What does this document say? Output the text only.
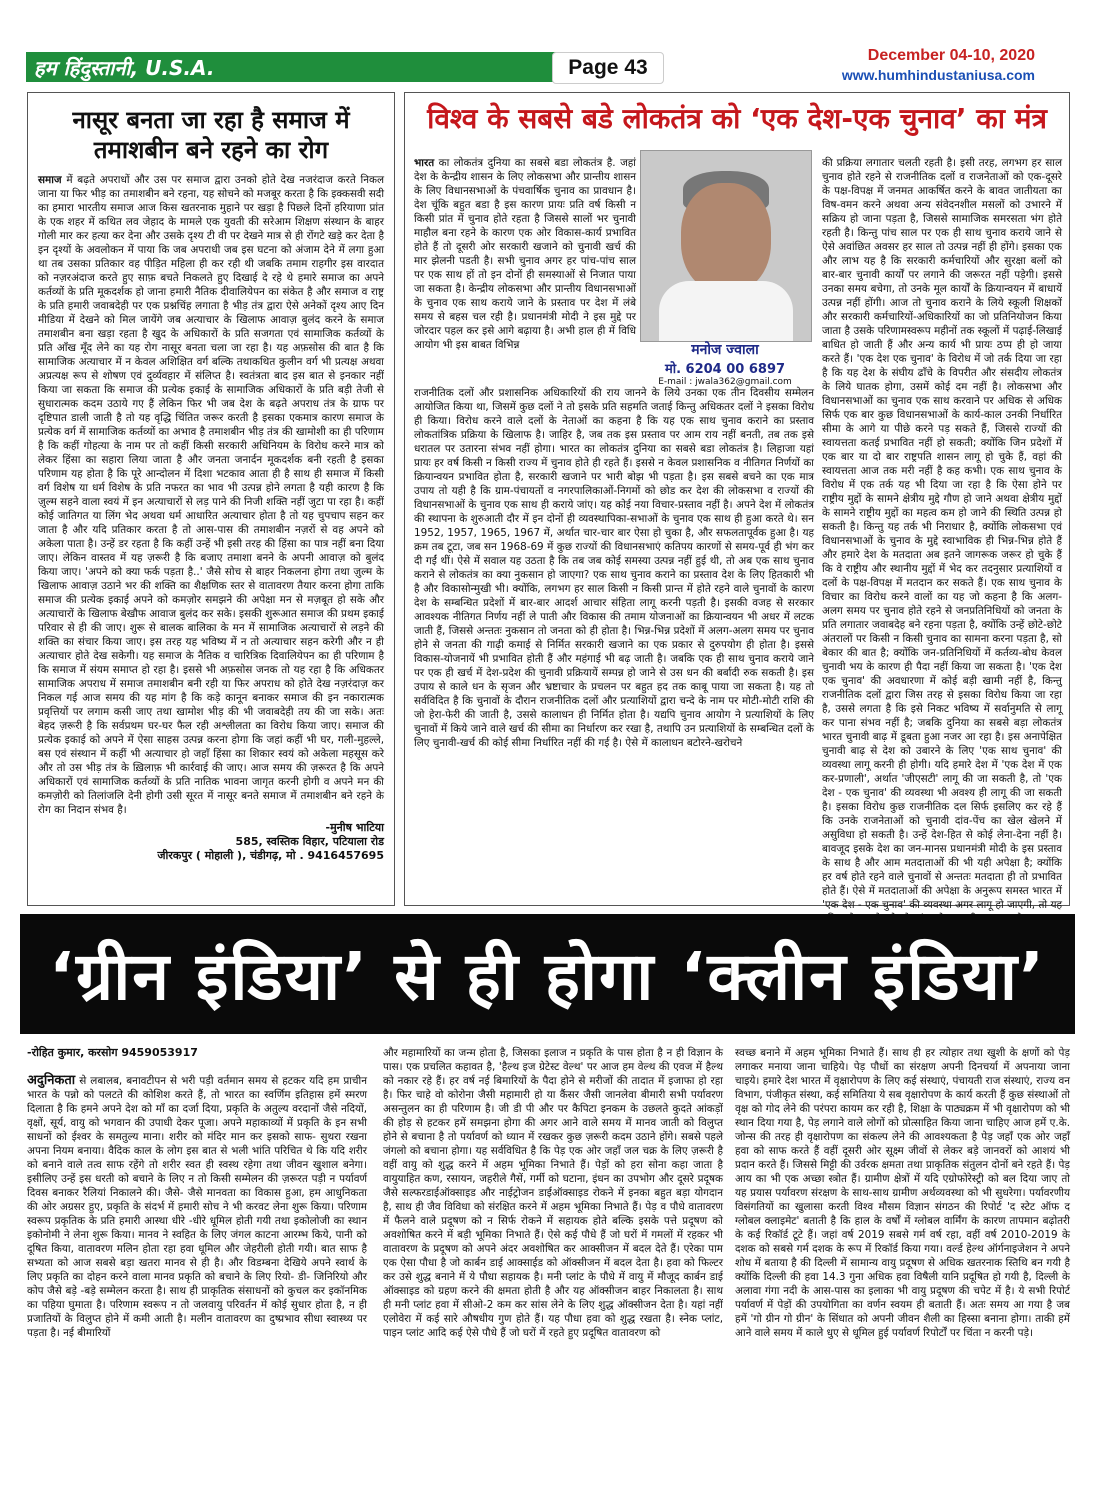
हम हिंदुस्तानी, U.S.A.	Page 43
December 04-10, 2020
www.humhindustaniusa.com
नासूर बनता जा रहा है समाज में तमाशबीन बने रहने का रोग

समाज में बढ़ते अपराधों और उस पर समाज द्वारा उनको होते देख नजरंदाज करते निकल जाना या फिर भीड़ का तमाशबीन बने रहना, यह सोचने को मजबूर करता है कि इक्कसवी सदी का हमारा भारतीय समाज आज किस खतरनाक मुहाने पर खड़ा है पिछले दिनों हरियाणा प्रांत के एक शहर में कथित लव जेहाद के मामले एक युवती की सरेआम शिक्षण संस्थान के बाहर गोली मार कर हत्या कर देना और उसके दृश्य टी वी पर देखने मात्र से ही रोंगटे खड़े कर देता है इन दृश्यों के अवलोकन में पाया कि जब अपराधी जब इस घटना को अंजाम देने में लगा हुआ था तब उसका प्रतिकार वह पीड़ित महिला ही कर रही थी जबकि तमाम राहगीर इस वारदात को नज़रअंदाज करते हुए साफ़ बचते निकलते हुए दिखाई दे रहे थे हमारे समाज का अपने कर्तव्यों के प्रति मूकदर्शक हो जाना हमारी नैतिक दीवालियेपन का संकेत है और समाज व राष्ट्र के प्रति हमारी जवाबदेही पर एक प्रश्नचिंह लगाता है भीड़ तंत्र द्वारा ऐसे अनेकों दृश्य आए दिन मीडिया में देखने को मिल जायेंगे जब अत्याचार के खिलाफ आवाज़ बुलंद करने के समाज तमाशबीन बना खड़ा रहता है खुद के अधिकारों के प्रति सजगता एवं सामाजिक कर्तव्यों के प्रति आँख मूँद लेने का यह रोग नासूर बनता चला जा रहा है। यह अफ़सोस की बात है कि सामाजिक अत्याचार में न केवल अशिक्षित वर्ग बल्कि तथाकथित कुलीन वर्ग भी प्रत्यक्ष अथवा अप्रत्यक्ष रूप से शोषण एवं दुर्व्यवहार में संलिप्त है। स्वतंत्रता बाद इस बात से इनकार नहीं किया जा सकता कि समाज की प्रत्येक इकाई के सामाजिक अधिकारों के प्रति बड़ी तेजी से सुधारात्मक कदम उठाये गए हैं लेकिन फिर भी जब देश के बढ़ते अपराध तंत्र के ग्राफ पर दृष्टिपात डाली जाती है तो यह वृद्धि चिंतित जरूर करती है इसका एकमात्र कारण समाज के प्रत्येक वर्ग में सामाजिक कर्तव्यों का अभाव है तमाशबीन भीड़ तंत्र की खामोशी का ही परिणाम है कि कहीं गोहत्या के नाम पर तो कहीं किसी सरकारी अधिनियम के विरोध करने मात्र को लेकर हिंसा का सहारा लिया जाता है और जनता जनार्दन मूकदर्शक बनी रहती है इसका परिणाम यह होता है कि पूरे आन्दोलन में दिशा भटकाव आता ही है साथ ही समाज में किसी वर्ग विशेष या धर्म विशेष के प्रति नफरत का भाव भी उत्पन्न होने लगता है यही कारण है कि ज़ुल्म सहने वाला स्वयं में इन अत्याचारों से लड़ पाने की निजी शक्ति नहीं जुटा पा रहा है। कहीं कोई जातिगत या लिंग भेद अथवा धर्म आधारित अत्याचार होता है तो यह चुपचाप सहन कर जाता है और यदि प्रतिकार करता है तो आस-पास की तमाशबीन नज़रों से वह अपने को अकेला पाता है। उन्हें डर रहता है कि कहीं उन्हें भी इसी तरह की हिंसा का पात्र नहीं बना दिया जाए। लेकिन वास्तव में यह ज़रूरी है कि बजाए तमाशा बनने के अपनी आवाज़ को बुलंद किया जाए। 'अपने को क्या फर्क पड़ता है..' जैसे सोच से बाहर निकलना होगा तथा ज़ुल्म के खिलाफ आवाज़ उठाने भर की शक्ति का शैक्षणिक स्तर से वातावरण तैयार करना होगा ताकि समाज की प्रत्येक इकाई अपने को कमज़ोर समझने की अपेक्षा मन से मज़बूत हो सके और अत्याचारों के खिलाफ बेखौफ आवाज बुलंद कर सके। इसकी शुरूआत समाज की प्रथम इकाई परिवार से ही की जाए। शुरू से बालक बालिका के मन में सामाजिक अत्याचारों से लड़ने की शक्ति का संचार किया जाए। इस तरह यह भविष्य में न तो अत्याचार सहन करेगी और न ही अत्याचार होते देख सकेगी। यह समाज के नैतिक व चारित्रिक दिवालियेपन का ही परिणाम है कि समाज में संयम समाप्त हो रहा है। इससे भी अफ़सोस जनक तो यह रहा है कि अधिकतर सामाजिक अपराध में समाज तमाशबीन बनी रही या फिर अपराध को होते देख नज़रंदाज़ कर निकल गई आज समय की यह मांग है कि कड़े कानून बनाकर समाज की इन नकारात्मक प्रवृत्तियों पर लगाम कसी जाए तथा खामोश भीड़ की भी जवाबदेही तय की जा सके। अतः बेहद ज़रूरी है कि सर्वप्रथम घर-घर फैल रही अश्लीलता का विरोध किया जाए। समाज की प्रत्येक इकाई को अपने में ऐसा साहस उत्पन्न करना होगा कि जहां कहीं भी घर, गली-मुहल्ले, बस एवं संस्थान में कहीं भी अत्याचार हो जहाँ हिंसा का शिकार स्वयं को अकेला महसूस करे और तो उस भीड़ तंत्र के ख़िलाफ़ भी कार्रवाई की जाए। आज समय की ज़रूरत है कि अपने अधिकारों एवं सामाजिक कर्तव्यों के प्रति नातिक भावना जागृत करनी होगी व अपने मन की कमज़ोरी को तिलांजलि देनी होगी उसी सूरत में नासूर बनते समाज में तमाशबीन बने रहने के रोग का निदान संभव है।

-मुनीष भाटिया

585, स्वस्तिक विहार, पटियाला रोड

जीरकपुर ( मोहाली ), चंडीगढ़, मो . 9416457695

विश्व के सबसे बडे लोकतंत्र को ‘एक देश-एक चुनाव’ का मंत्र
भारत का लोकतंत्र दुनिया का सबसे बडा लोकतंत्र है. जहां देश के केन्द्रीय शासन के लिए लोकसभा और प्रान्तीय शासन के लिए विधानसभाओं के पंचवार्षिक चुनाव का प्रावधान है। देश चूंकि बहुत बडा है इस कारण प्रायः प्रति वर्ष किसी न किसी प्रांत में चुनाव होते रहता है जिससे सालों भर चुनावी माहौल बना रहने के कारण एक ओर विकास-कार्य प्रभावित होते हैं तो दूसरी ओर सरकारी खजाने को चुनावी खर्च की मार झेलनी पडती है। सभी चुनाव अगर हर पांच-पांच साल पर एक साथ हों तो इन दोनों ही समस्याओं से निजात पाया जा सकता है। केन्द्रीय लोकसभा और प्रान्तीय विधानसभाओं के चुनाव एक साथ कराये जाने के प्रस्ताव पर देश में लंबे समय से बहस चल रही है। प्रधानमंत्री मोदी ने इस मुद्दे पर जोरदार पहल कर इसे आगे बढ़ाया है। अभी हाल ही में विधि आयोग भी इस बाबत विभिन्न	मनोज ज्वाला
मो. 6204 00 6897
E-mail : jwala362@gmail.com
राजनीतिक दलों और प्रशासनिक अधिकारियों की राय जानने के लिये उनका एक तीन दिवसीय सम्मेलन आयोजित किया था, जिसमें कुछ दलों ने तो इसके प्रति सहमति जताई किन्तु अधिकतर दलों ने इसका विरोध ही किया। विरोध करने वाले दलों के नेताओं का कहना है कि यह एक साथ चुनाव कराने का प्रस्ताव लोकतांत्रिक प्रक्रिया के खिलाफ है। जाहिर है, जब तक इस प्रस्ताव पर आम राय नहीं बनती, तब तक इसे धरातल पर उतारना संभव नहीं होगा। भारत का लोकतंत्र दुनिया का सबसे बडा लोकतंत्र है। लिहाजा यहां प्रायः हर वर्ष किसी न किसी राज्य में चुनाव होते ही रहते हैं। इससे न केवल प्रशासनिक व नीतिगत निर्णयों का क्रियान्वयन प्रभावित होता है, सरकारी खजाने पर भारी बोझ भी पड़ता है। इस सबसे बचने का एक मात्र उपाय तो यही है कि ग्राम-पंचायतों व नगरपालिकाओं-निगमों को छोड कर देश की लोकसभा व राज्यों की विधानसभाओं के चुनाव एक साथ ही कराये जांए। यह कोई नया विचार-प्रस्ताव नहीं है। अपने देश में लोकतंत्र की स्थापना के शुरुआती दौर में इन दोनों ही व्यवस्थापिका-सभाओं के चुनाव एक साथ ही हुआ करते थे। सन 1952, 1957, 1965, 1967 में, अर्थात चार-चार बार ऐसा हो चुका है, और सफलतापूर्वक हुआ है। यह क्रम तब टूटा, जब सन 1968-69 में कुछ राज्यों की विधानसभाएं कतिपय कारणों से समय-पूर्व ही भंग कर दी गईं थीं। ऐसे में सवाल यह उठता है कि तब जब कोई समस्या उत्पन्न नहीं हुई थी, तो अब एक साथ चुनाव कराने से लोकतंत्र का क्या नुकसान हो जाएगा? एक साथ चुनाव कराने का प्रस्ताव देश के लिए हितकारी भी है और विकासोन्मुखी भी। क्योंकि, लगभग हर साल किसी न किसी प्रान्त में होते रहने वाले चुनावों के कारण देश के सम्बन्धित प्रदेशों में बार-बार आदर्श आचार संहिता लागू करनी पड़ती है। इसकी वजह से सरकार आवश्यक नीतिगत निर्णय नहीं ले पाती और विकास की तमाम योजनाओं का क्रियान्वयन भी अधर में लटक जाती हैं, जिससे अन्ततः नुकसान तो जनता को ही होता है। भिन्न-भिन्न प्रदेशों में अलग-अलग समय पर चुनाव होने से जनता की गाढ़ी कमाई से निर्मित सरकारी खजाने का एक प्रकार से दुरुपयोग ही होता है। इससे विकास-योजनायें भी प्रभावित होती हैं और महंगाई भी बढ़ जाती है। जबकि एक ही साथ चुनाव कराये जाने पर एक ही खर्च में देश-प्रदेश की चुनावी प्रक्रियायें सम्पन्न हो जाने से उस धन की बर्बादी रुक सकती है। इस उपाय से काले धन के सृजन और भ्रष्टाचार के प्रचलन पर बहुत हद तक काबू पाया जा सकता है। यह तो सर्वविदित है कि चुनावों के दौरान राजनीतिक दलों और प्रत्याशियों द्वारा चन्दे के नाम पर मोटी-मोटी राशि की जो हेरा-फेरी की जाती है, उससे कालाधन ही निर्मित होता है। यद्यपि चुनाव आयोग ने प्रत्याशियों के लिए चुनावों में किये जाने वाले खर्च की सीमा का निर्धारण कर रखा है, तथापि उन प्रत्याशियों के सम्बन्धित दलों के लिए चुनावी-खर्च की कोई सीमा निर्धारित नहीं की गई है। ऐसे में कालाधन बटोरने-खरोचने
की प्रक्रिया लगातार चलती रहती है। इसी तरह, लगभग हर साल चुनाव होते रहने से राजनीतिक दलों व राजनेताओं को एक-दूसरे के पक्ष-विपक्ष में जनमत आकर्षित करने के बावत जातीयता का विष-वमन करने अथवा अन्य संवेदनशील मसलों को उभारने में सक्रिय हो जाना पड़ता है, जिससे सामाजिक समरसता भंग होते रहती है। किन्तु पांच साल पर एक ही साथ चुनाव कराये जाने से ऐसे अवांछित अवसर हर साल तो उत्पन्न नहीं ही होंगे। इसका एक और लाभ यह है कि सरकारी कर्मचारियों और सुरक्षा बलों को बार-बार चुनावी कार्यों पर लगाने की जरूरत नहीं पड़ेगी। इससे उनका समय बचेगा, तो उनके मूल कार्यों के क्रियान्वयन में बाधायें उत्पन्न नहीं होंगी। आज तो चुनाव कराने के लिये स्कूली शिक्षकों और सरकारी कर्मचारियों-अधिकारियों का जो प्रतिनियोजन किया जाता है उसके परिणामस्वरूप महीनों तक स्कूलों में पढ़ाई-लिखाई बाधित हो जाती हैं और अन्य कार्य भी प्रायः ठप्प ही हो जाया करते हैं। 'एक देश एक चुनाव' के विरोध में जो तर्क दिया जा रहा है कि यह देश के संघीय ढाँचे के विपरीत और संसदीय लोकतंत्र के लिये घातक होगा, उसमें कोई दम नहीं है। लोकसभा और विधानसभाओं का चुनाव एक साथ करवाने पर अधिक से अधिक सिर्फ एक बार कुछ विधानसभाओं के कार्य-काल उनकी निर्धारित सीमा के आगे या पीछे करने पड़ सकते हैं, जिससे राज्यों की स्वायत्तता कतई प्रभावित नहीं हो सकती; क्योंकि जिन प्रदेशों में एक बार या दो बार राष्ट्रपति शासन लागू हो चुके हैं, वहां की स्वायत्तता आज तक मरी नहीं है कह कभी। एक साथ चुनाव के विरोध में एक तर्क यह भी दिया जा रहा है कि ऐसा होने पर राष्ट्रीय मुद्दों के सामने क्षेत्रीय मुद्दे गौण हो जाने अथवा क्षेत्रीय मुद्दों के सामने राष्ट्रीय मुद्दों का महत्व कम हो जाने की स्थिति उत्पन्न हो सकती है। किन्तु यह तर्क भी निराधार है, क्योंकि लोकसभा एवं विधानसभाओं के चुनाव के मुद्दे स्वाभाविक ही भिन्न-भिन्न होते हैं और हमारे देश के मतदाता अब इतने जागरूक जरूर हो चुके हैं कि वे राष्ट्रीय और स्थानीय मुद्दों में भेद कर तदनुसार प्रत्याशियों व दलों के पक्ष-विपक्ष में मतदान कर सकते हैं। एक साथ चुनाव के विचार का विरोध करने वालों का यह जो कहना है कि अलग-अलग समय पर चुनाव होते रहने से जनप्रतिनिधियों को जनता के प्रति लगातार जवाबदेह बने रहना पड़ता है, क्योंकि उन्हें छोटे-छोटे अंतरालों पर किसी न किसी चुनाव का सामना करना पड़ता है, सो बेकार की बात है; क्योंकि जन-प्रतिनिधियों में कर्तव्य-बोध केवल चुनावी भय के कारण ही पैदा नहीं किया जा सकता है। 'एक देश एक चुनाव' की अवधारणा में कोई बड़ी खामी नहीं है, किन्तु राजनीतिक दलों द्वारा जिस तरह से इसका विरोध किया जा रहा है, उससे लगता है कि इसे निकट भविष्य में सर्वानुमति से लागू कर पाना संभव नहीं है; जबकि दुनिया का सबसे बड़ा लोकतंत्र भारत चुनावी बाढ़ में डूबता हुआ नजर आ रहा है। इस अनापेक्षित चुनावी बाढ़ से देश को उबारने के लिए 'एक साथ चुनाव' की व्यवस्था लागू करनी ही होगी। यदि हमारे देश में 'एक देश में एक कर-प्रणाली', अर्थात 'जीएसटी' लागू की जा सकती है, तो 'एक देश - एक चुनाव' की व्यवस्था भी अवश्य ही लागू की जा सकती है। इसका विरोध कुछ राजनीतिक दल सिर्फ इसलिए कर रहे हैं कि उनके राजनेताओं को चुनावी दांव-पेंच का खेल खेलने में असुविधा हो सकती है। उन्हें देश-हित से कोई लेना-देना नहीं है। बावजूद इसके देश का जन-मानस प्रधानमंत्री मोदी के इस प्रस्ताव के साथ है और आम मतदाताओं की भी यही अपेक्षा है; क्योंकि हर वर्ष होते रहने वाले चुनावों से अन्ततः मतदाता ही तो प्रभावित होते हैं। ऐसे में मतदाताओं की अपेक्षा के अनुरूप समस्त भारत में 'एक देश - एक चुनाव' की व्यवस्था अगर लागू हो जाएगी, तो यह
‘ग्रीन इंडिया’ से ही होगा ‘क्लीन इंडिया’
-रोहित कुमार, करसोग 9459053917
अदुनिकता से लबालब, बनावटीपन से भरी पड़ी वर्तमान समय से हटकर यदि हम प्राचीन भारत के पन्नो को पलटते की कोशिश करते हैं, तो भारत का स्वर्णिम इतिहास हमें स्मरण दिलाता है कि हमने अपने देश को माँ का दर्जा दिया, प्रकृति के अतुल्य वरदानों जैसे नदियों, वृक्षों, सूर्य, वायु को भगवान की उपाधी देकर पूजा। अपने महाकाव्यों में प्रकृति के इन सभी साधनों को ईश्वर के समतुल्य माना। शरीर को मंदिर मान कर इसको साफ- सुथरा रखना अपना नियम बनाया। वैदिक काल के लोग इस बात से भली भांति परिचित थे कि यदि शरीर को बनाने वाले तत्व साफ रहेंगे तो शरीर स्वत ही स्वस्थ रहेगा तथा जीवन खुशाल बनेगा। इसीलिए उन्हें इस धरती को बचाने के लिए न तो किसी सम्मेलन की ज़रूरत पड़ी न पर्यावर्ण दिवस बनाकर रैलियां निकालने की। जैसे- जैसे मानवता का विकास हुआ, हम आधुनिकता की ओर अग्रसर हुए, प्रकृति के संदर्भ में हमारी सोच ने भी करवट लेना शुरू किया। परिणाम स्वरूप प्रकृतिक के प्रति हमारी आस्था धीरे -धीरे धूमिल होती गयी तथा इकोलोजी का स्थान इकोनोमी ने लेना शुरू किया। मानव ने स्वहित के लिए जंगल काटना आरम्भ किये, पानी को दूषित किया, वातावरण मलिन होता रहा हवा धूमिल और जेहरीली होती गयी। बात साफ है सभ्यता को आज सबसे बड़ा खतरा मानव से ही है। और विडम्बना देखिये अपने स्वार्थ के लिए प्रकृति का दोहन करने वाला मानव प्रकृति को बचाने के लिए रियो- डी- जिनिरियो और कोप जैसे बड़े -बड़े सम्मेलन करता है। साथ ही प्राकृतिक संसाधनों को कुचल कर इकॉनमिक का पहिया घुमाता है। परिणाम स्वरूप न तो जलवायु परिवर्तन में कोई सुधार होता है, न ही प्रजातियों के विलुप्त होने में कमी आती है। मलीन वातावरण का दुष्प्रभाव सीधा स्वास्थ्य पर पड़ता है। नई बीमारियों
और महामारियों का जन्म होता है, जिसका इलाज न प्रकृति के पास होता है न ही विज्ञान के पास। एक प्रचलित कहावत है, 'हैल्थ इज ग्रेटेस्ट वेल्थ' पर आज हम वेल्थ की एवज में हैल्थ को नकार रहे हैं। हर वर्ष नई बिमारियों के पैदा होने से मरीजों की तादात में इजाफा हो रहा है। फिर चाहे वो कोरोना जैसी महामारी हो या कैंसर जैसी जानलेवा बीमारी सभी पर्यावरण असन्तुलन का ही परिणाम है। जी डी पी और पर कैपिटा इनकम के उछलते कुदते आंकड़ों की होड़ से हटकर हमें समझना होगा की अगर आने वाले समय में मानव जाती को विलुप्त होने से बचाना है तो पर्यावर्ण को ध्यान में रखकर कुछ ज़रूरी कदम उठाने होंगे। सबसे पहले जंगलो को बचाना होगा। यह सर्वविधित है कि पेड़ एक ओर जहाँ जल चक्र के लिए ज़रूरी है वहीं वायु को शुद्ध करने में अहम भूमिका निभाते हैं। पेड़ों को हरा सोना कहा जाता है वायुयाहित कण, रसायन, जहरीले गैसें, गर्मी को घटाना, इंधन का उपभोग और दूसरे प्रदूषक जैसे सल्फरडाईऑक्साइड और नाईट्रोजन डाईऑक्साइड रोकने में इनका बहुत बड़ा योगदान है, साथ ही जैव विविधा को संरक्षित करने में अहम भूमिका निभाते हैं। पेड़ व पौधे वातावरण में फैलने वाले प्रदूषण को न सिर्फ रोकने में सहायक होते बल्कि इसके पत्ते प्रदूषण को अवशोषित करने में बड़ी भूमिका निभाते हैं। ऐसे कई पौधे हैं जो घरों में गमलों में रहकर भी वातावरण के प्रदूषण को अपने अंदर अवशोषित कर आक्सीजन में बदल देते हैं। एरेका पाम एक ऐसा पौधा है जो कार्बन डाई आक्साईड को ऑक्सीजन में बदल देता है। हवा को फिल्टर कर उसे शुद्ध बनाने में ये पौधा सहायक है। मनी प्लांट के पौधे में वायु में मौजूद कार्बन डाई ऑक्साइड को ग्रहण करने की क्षमता होती है और यह ऑक्सीजन बाहर निकालता है। साथ ही मनी प्लांट हवा में सीओ-2 कम कर सांस लेने के लिए शुद्ध ऑक्सीजन देता है। यहां नहीं एलोवेरा में कई सारे औषधीय गुण होते हैं। यह पौधा हवा को शुद्ध रखता है। स्नेक प्लांट, पाइन प्लांट आदि कई ऐसे पौधे हैं जो घरों में रहते हुए प्रदूषित वातावरण को
स्वच्छ बनाने में अहम भूमिका निभाते हैं। साथ ही हर त्योहार तथा खुशी के क्षणों को पेड़ लगाकर मनाया जाना चाहिये। पेड़ पौधों का संरक्षण अपनी दिनचर्या में अपनाया जाना चाइये। हमारे देश भारत में वृक्षारोपण के लिए कई संस्थाएं, पंचायती राज संस्थाएं, राज्य वन विभाग, पंजीकृत संस्था, कई समितिया ये सब वृक्षारोपण के कार्य करती हैं कुछ संस्थाओं तो वृक्ष को गोद लेने की परंपरा कायम कर रही है, शिक्षा के पाठ्यक्रम में भी वृक्षारोपण को भी स्थान दिया गया है, पेड़ लगाने वाले लोगों को प्रोत्साहित किया जाना चाहिए आज हमें ए.के. जोन्स की तरह ही वृक्षारोपण का संकल्प लेने की आवश्यकता है पेड़ जहाँ एक ओर जहाँ हवा को साफ करते हैं वहीं दूसरी ओर सूक्ष्म जीवों से लेकर बड़े जानवरों को आशयं भी प्रदान करते हैं। जिससे मिट्टी की उर्वरक क्षमता तथा प्राकृतिक संतुलन दोनों बने रहते हैं। पेड़ आय का भी एक अच्छा स्त्रोत हैं। ग्रामीण क्षेत्रों में यदि एग्रोफोरेस्ट्री को बल दिया जाए तो यह प्रयास पर्यावरण संरक्षण के साथ-साथ ग्रामीण अर्थव्यवस्था को भी सुधरेगा। पर्यावरणीय विसंगतियों का खुलासा करती विश्व मौसम विज्ञान संगठन की रिपोर्ट 'द स्टेट ऑफ द ग्लोबल क्लाइमेट' बताती है कि हाल के वर्षों में ग्लोबल वार्मिंग के कारण तापमान बढ़ोतरी के कई रिकॉर्ड टूटे हैं। जहां वर्ष 2019 सबसे गर्म वर्ष रहा, वहीं वर्ष 2010-2019 के दशक को सबसे गर्म दशक के रूप में रिकॉर्ड किया गया। वर्ल्ड हेल्थ ऑर्गनाइजेशन ने अपने शोध में बताया है की दिल्ली में सामान्य वायु प्रदूषण से अधिक खतरनाक स्तिथि बन गयी है क्योंकि दिल्ली की हवा 14.3 गुना अधिक हवा विषैली यानि प्रदूषित हो गयी है, दिल्ली के अलावा गंगा नदी के आस-पास का इलाका भी वायु प्रदूषण की चपेट में है। ये सभी रिपोर्ट पर्यावर्ण में पेड़ों की उपयोगिता का वर्णन स्वयम ही बताती हैं। अतः समय आ गया है जब हमें 'गो ग्रीन गो ग्रीन' के सिंधात को अपनी जीवन शैली का हिस्सा बनाना होगा। ताकी हमें आने वाले समय में काले धुए से धूमिल हुई पर्यावर्ण रिपोर्टों पर चिंता न करनी पड़े।
